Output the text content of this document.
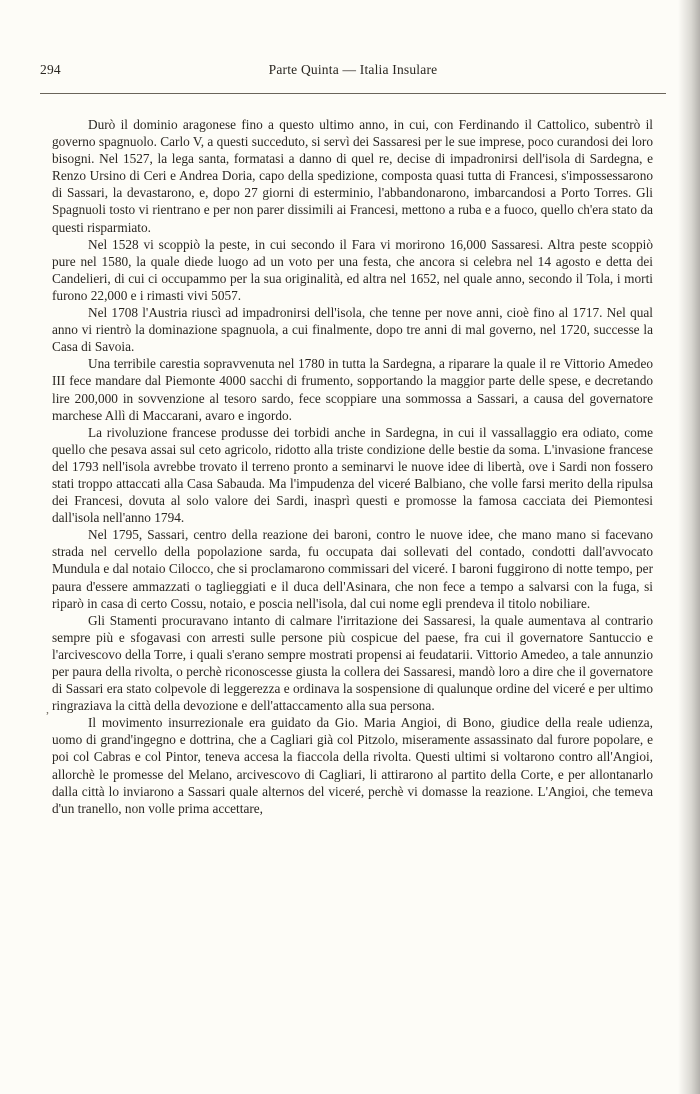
294	Parte Quinta — Italia Insulare

Durò il dominio aragonese fino a questo ultimo anno, in cui, con Ferdinando il Cattolico, subentrò il governo spagnuolo. Carlo V, a questi succeduto, si servì dei Sassaresi per le sue imprese, poco curandosi dei loro bisogni. Nel 1527, la lega santa, formatasi a danno di quel re, decise di impadronirsi dell'isola di Sardegna, e Renzo Ursino di Ceri e Andrea Doria, capo della spedizione, composta quasi tutta di Francesi, s'impossessarono di Sassari, la devastarono, e, dopo 27 giorni di esterminio, l'abbandonarono, imbarcandosi a Porto Torres. Gli Spagnuoli tosto vi rientrano e per non parer dissimili ai Francesi, mettono a ruba e a fuoco, quello ch'era stato da questi risparmiato.

Nel 1528 vi scoppiò la peste, in cui secondo il Fara vi morirono 16,000 Sassaresi. Altra peste scoppiò pure nel 1580, la quale diede luogo ad un voto per una festa, che ancora si celebra nel 14 agosto e detta dei Candelieri, di cui ci occupammo per la sua originalità, ed altra nel 1652, nel quale anno, secondo il Tola, i morti furono 22,000 e i rimasti vivi 5057.

Nel 1708 l'Austria riuscì ad impadronirsi dell'isola, che tenne per nove anni, cioè fino al 1717. Nel qual anno vi rientrò la dominazione spagnuola, a cui finalmente, dopo tre anni di mal governo, nel 1720, successe la Casa di Savoia.

Una terribile carestia sopravvenuta nel 1780 in tutta la Sardegna, a riparare la quale il re Vittorio Amedeo III fece mandare dal Piemonte 4000 sacchi di frumento, sopportando la maggior parte delle spese, e decretando lire 200,000 in sovvenzione al tesoro sardo, fece scoppiare una sommossa a Sassari, a causa del governatore marchese Allì di Maccarani, avaro e ingordo.

La rivoluzione francese produsse dei torbidi anche in Sardegna, in cui il vassallaggio era odiato, come quello che pesava assai sul ceto agricolo, ridotto alla triste condizione delle bestie da soma. L'invasione francese del 1793 nell'isola avrebbe trovato il terreno pronto a seminarvi le nuove idee di libertà, ove i Sardi non fossero stati troppo attaccati alla Casa Sabauda. Ma l'impudenza del viceré Balbiano, che volle farsi merito della ripulsa dei Francesi, dovuta al solo valore dei Sardi, inasprì questi e promosse la famosa cacciata dei Piemontesi dall'isola nell'anno 1794.

Nel 1795, Sassari, centro della reazione dei baroni, contro le nuove idee, che mano mano si facevano strada nel cervello della popolazione sarda, fu occupata dai sollevati del contado, condotti dall'avvocato Mundula e dal notaio Cilocco, che si proclamarono commissari del viceré. I baroni fuggirono di notte tempo, per paura d'essere ammazzati o taglieggiati e il duca dell'Asinara, che non fece a tempo a salvarsi con la fuga, si riparò in casa di certo Cossu, notaio, e poscia nell'isola, dal cui nome egli prendeva il titolo nobiliare.

Gli Stamenti procuravano intanto di calmare l'irritazione dei Sassaresi, la quale aumentava al contrario sempre più e sfogavasi con arresti sulle persone più cospicue del paese, fra cui il governatore Santuccio e l'arcivescovo della Torre, i quali s'erano sempre mostrati propensi ai feudatarii. Vittorio Amedeo, a tale annunzio per paura della rivolta, o perchè riconoscesse giusta la collera dei Sassaresi, mandò loro a dire che il governatore di Sassari era stato colpevole di leggerezza e ordinava la sospensione di qualunque ordine del viceré e per ultimo ringraziava la città della devozione e dell'attaccamento alla sua persona.

Il movimento insurrezionale era guidato da Gio. Maria Angioi, di Bono, giudice della reale udienza, uomo di grand'ingegno e dottrina, che a Cagliari già col Pitzolo, miseramente assassinato dal furore popolare, e poi col Cabras e col Pintor, teneva accesa la fiaccola della rivolta. Questi ultimi si voltarono contro all'Angioi, allorchè le promesse del Melano, arcivescovo di Cagliari, li attirarono al partito della Corte, e per allontanarlo dalla città lo inviarono a Sassari quale alternos del viceré, perchè vi domasse la reazione. L'Angioi, che temeva d'un tranello, non volle prima accettare,

,
